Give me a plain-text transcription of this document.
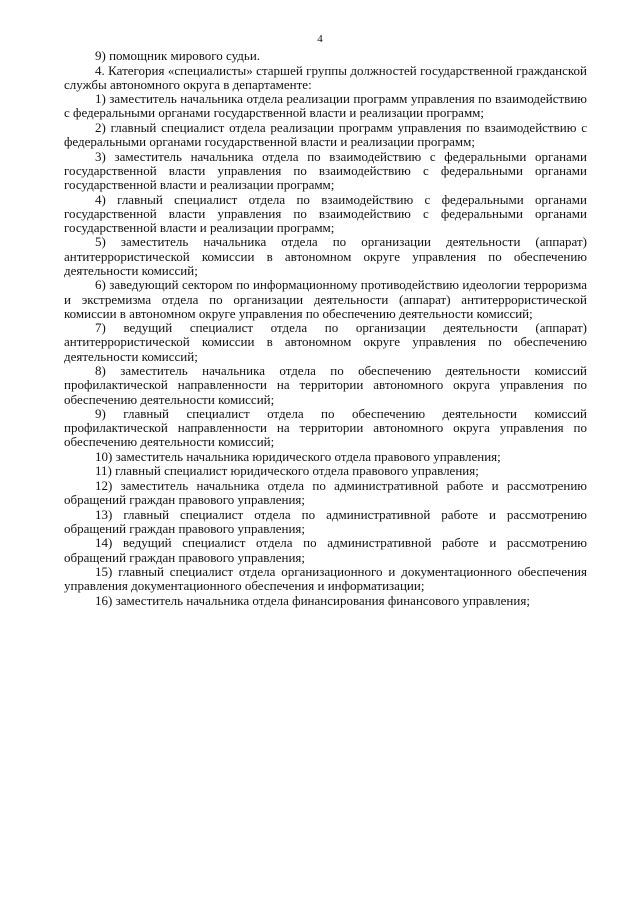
4

9) помощник мирового судьи.

4. Категория «специалисты» старшей группы должностей государственной гражданской службы автономного округа в департаменте:

1) заместитель начальника отдела реализации программ управления по взаимодействию с федеральными органами государственной власти и реализации программ;

2) главный специалист отдела реализации программ управления по взаимодействию с федеральными органами государственной власти и реализации программ;

3) заместитель начальника отдела по взаимодействию с федеральными органами государственной власти управления по взаимодействию с федеральными органами государственной власти и реализации программ;

4) главный специалист отдела по взаимодействию с федеральными органами государственной власти управления по взаимодействию с федеральными органами государственной власти и реализации программ;

5) заместитель начальника отдела по организации деятельности (аппарат) антитеррористической комиссии в автономном округе управления по обеспечению деятельности комиссий;

6) заведующий сектором по информационному противодействию идеологии терроризма и экстремизма отдела по организации деятельности (аппарат) антитеррористической комиссии в автономном округе управления по обеспечению деятельности комиссий;

7) ведущий специалист отдела по организации деятельности (аппарат) антитеррористической комиссии в автономном округе управления по обеспечению деятельности комиссий;

8) заместитель начальника отдела по обеспечению деятельности комиссий профилактической направленности на территории автономного округа управления по обеспечению деятельности комиссий;

9) главный специалист отдела по обеспечению деятельности комиссий профилактической направленности на территории автономного округа управления по обеспечению деятельности комиссий;

10) заместитель начальника юридического отдела правового управления;

11) главный специалист юридического отдела правового управления;

12) заместитель начальника отдела по административной работе и рассмотрению обращений граждан правового управления;

13) главный специалист отдела по административной работе и рассмотрению обращений граждан правового управления;

14) ведущий специалист отдела по административной работе и рассмотрению обращений граждан правового управления;

15) главный специалист отдела организационного и документационного обеспечения управления документационного обеспечения и информатизации;

16) заместитель начальника отдела финансирования финансового управления;
